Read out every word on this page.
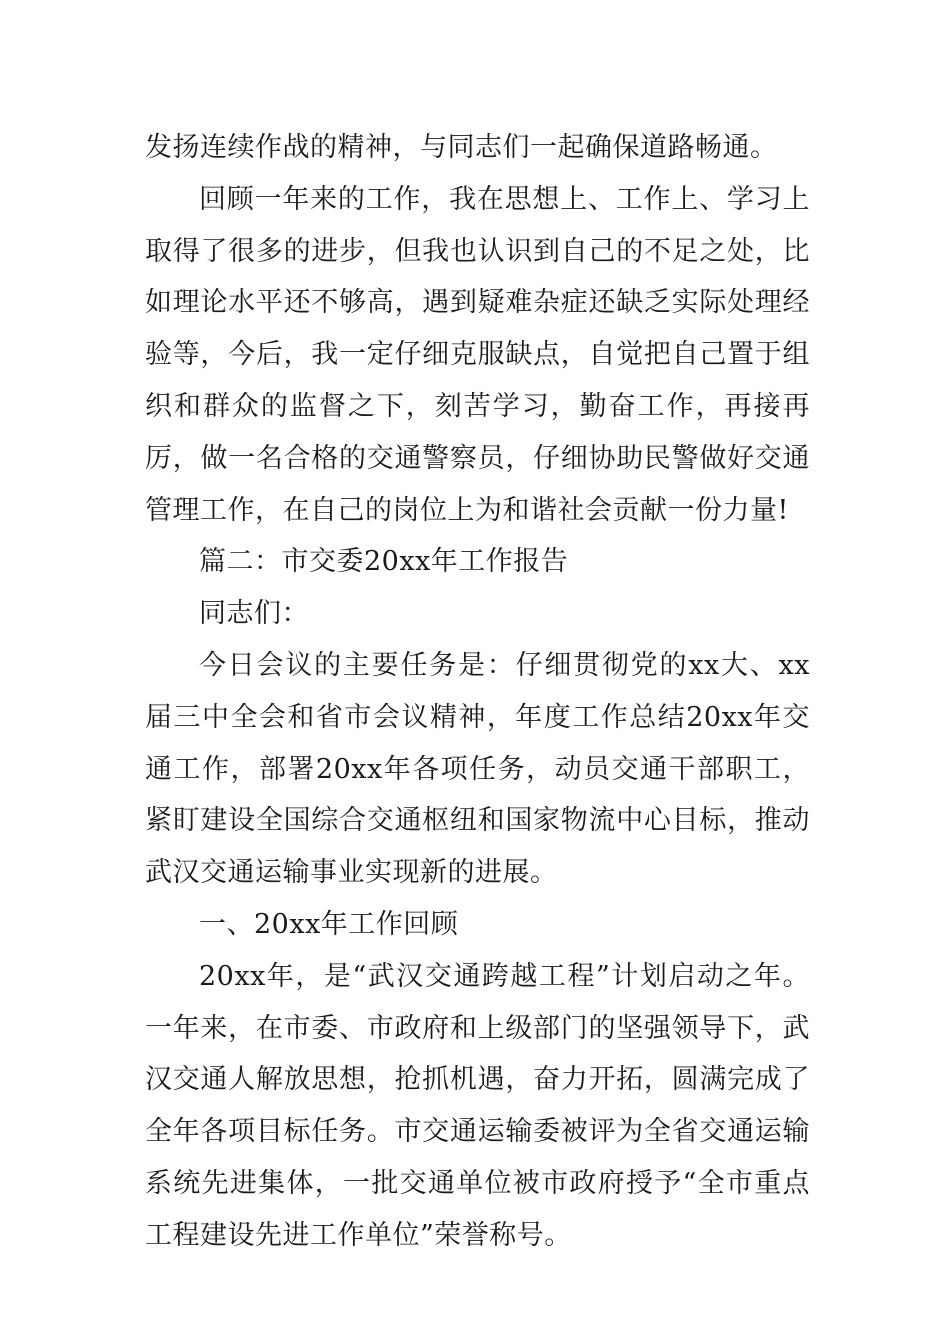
发扬连续作战的精神，与同志们一起确保道路畅通。

回顾一年来的工作，我在思想上、工作上、学习上取得了很多的进步，但我也认识到自己的不足之处，比如理论水平还不够高，遇到疑难杂症还缺乏实际处理经验等，今后，我一定仔细克服缺点，自觉把自己置于组织和群众的监督之下，刻苦学习，勤奋工作，再接再厉，做一名合格的交通警察员，仔细协助民警做好交通管理工作，在自己的岗位上为和谐社会贡献一份力量!

篇二：市交委20xx年工作报告

同志们：

今日会议的主要任务是：仔细贯彻党的xx大、xx届三中全会和省市会议精神，年度工作总结20xx年交通工作，部署20xx年各项任务，动员交通干部职工，紧盯建设全国综合交通枢纽和国家物流中心目标，推动武汉交通运输事业实现新的进展。

一、20xx年工作回顾

20xx年，是“武汉交通跨越工程”计划启动之年。一年来，在市委、市政府和上级部门的坚强领导下，武汉交通人解放思想，抢抓机遇，奋力开拓，圆满完成了全年各项目标任务。市交通运输委被评为全省交通运输系统先进集体，一批交通单位被市政府授予“全市重点工程建设先进工作单位”荣誉称号。
